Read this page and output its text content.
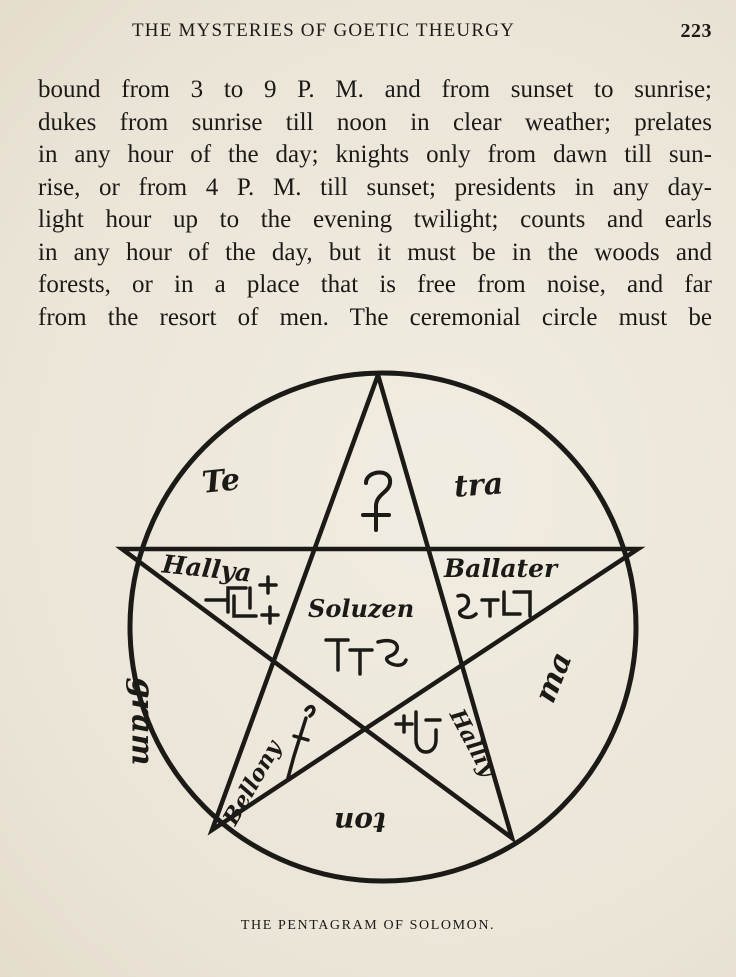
THE MYSTERIES OF GOETIC THEURGY	223
bound from 3 to 9 P. M. and from sunset to sunrise;
dukes from sunrise till noon in clear weather; prelates
in any hour of the day; knights only from dawn till sun-
rise, or from 4 P. M. till sunset; presidents in any day-
light hour up to the evening twilight; counts and earls
in any hour of the day, but it must be in the woods and
forests, or in a place that is free from noise, and far
from the resort of men. The ceremonial circle must be
Te	tra
gram	ma
ton
Hallya	Ballater
Soluzen
Bellony	Halliy
THE PENTAGRAM OF SOLOMON.
